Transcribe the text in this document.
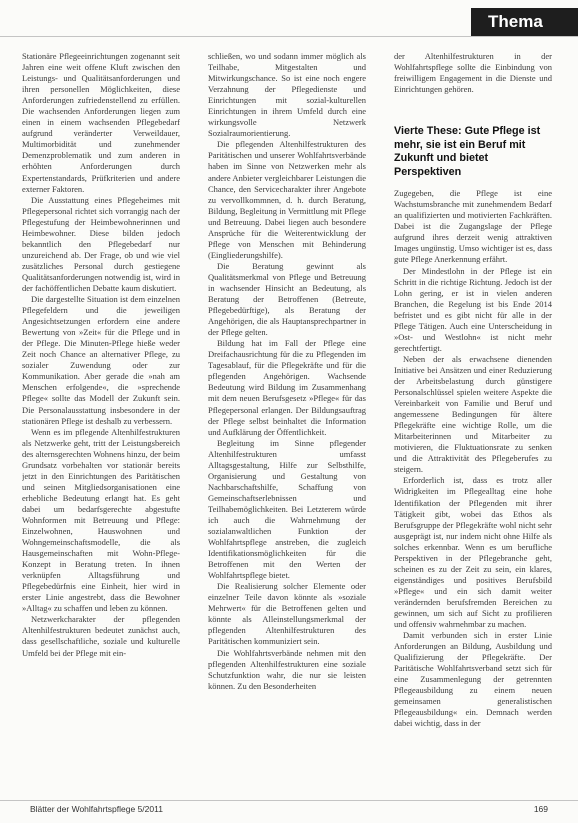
Thema

Stationäre Pflegeeinrichtungen zogenannt seit Jahren eine weit offene Kluft zwischen den Leistungs- und Qualitätsanforderungen und ihren personellen Möglichkeiten, diese Anforderungen zufriedenstellend zu erfüllen. Die wachsenden Anforderungen liegen zum einen in einem wachsenden Pflegebedarf aufgrund veränderter Verweildauer, Multimorbidität und zunehmender Demenzproblematik und zum anderen in erhöhten Anforderungen durch Expertenstandards, Prüfkriterien und andere externer Faktoren.

Die Ausstattung eines Pflegeheimes mit Pflegepersonal richtet sich vorrangig nach der Pflegestufung der Heimbewohnerinnen und Heimbewohner. Diese bilden jedoch bekanntlich den Pflegebedarf nur unzureichend ab. Der Frage, ob und wie viel zusätzliches Personal durch gestiegene Qualitätsanforderungen notwendig ist, wird in der fachöffentlichen Debatte kaum diskutiert.

Die dargestellte Situation ist dem einzelnen Pflegefeldern und die jeweiligen Angesichtsetzungen erfordern eine andere Bewertung von »Zeit« für die Pflege und in der Pflege. Die Minuten-Pflege hieße weder Zeit noch Chance an alternativer Pflege, zu sozialer Zuwendung oder zur Kommunikation. Aber gerade die »nah am Menschen erfolgende«, die »sprechende Pflege« sollte das Modell der Zukunft sein. Die Personalausstattung insbesondere in der stationären Pflege ist deshalb zu verbessern.

Wenn es im pflegende Altenhilfestrukturen als Netzwerke geht, tritt der Leistungsbereich des alternsgerechten Wohnens hinzu, der beim Grundsatz vorbehalten vor stationär bereits jetzt in den Einrichtungen des Paritätischen und seinen Mitgliedsorganisationen eine erhebliche Bedeutung erlangt hat. Es geht dabei um bedarfsgerechte abgestufte Wohnformen mit Betreuung und Pflege: Einzelwohnen, Hauswohnen und Wohngemeinschaftsmodelle, die als Hausgemeinschaften mit Wohn-Pflege-Konzept in Beratung treten. In ihnen verknüpfen Alltagsführung und Pflegebedürfnis eine Einheit, hier wird in erster Linie angestrebt, dass die Bewohner »Alltag« zu schaffen und leben zu können.

Netzwerkcharakter der pflegenden Altenhilfestrukturen bedeutet zunächst auch, dass gesellschaftliche, soziale und kulturelle Umfeld bei der Pflege mit ein-

schließen, wo und sodann immer möglich als Teilhabe, Mitgestalten und Mitwirkungschance. So ist eine noch engere Verzahnung der Pflegedienste und Einrichtungen mit sozial-kulturellen Einrichtungen in ihrem Umfeld durch eine wirkungsvolle Netzwerk Sozialraumorientierung.

Die pflegenden Altenhilfestrukturen des Paritätischen und unserer Wohlfahrtsverbände haben im Sinne von Netzwerken mehr als andere Anbieter vergleichbarer Leistungen die Chance, den Servicecharakter ihrer Angebote zu vervollkommnen, d. h. durch Beratung, Bildung, Begleitung in Vermittlung mit Pflege und Betreuung. Dabei liegen auch besondere Ansprüche für die Weiterentwicklung der Pflege von Menschen mit Behinderung (Eingliederungshilfe).

Die Beratung gewinnt als Qualitätsmerkmal von Pflege und Betreuung in wachsender Hinsicht an Bedeutung, als Beratung der Betroffenen (Betreute, Pflegebedürftige), als Beratung der Angehörigen, die als Hauptansprechpartner in der Pflege gelten.

Bildung hat im Fall der Pflege eine Dreifachausrichtung für die zu Pflegenden im Tagesablauf, für die Pflegekräfte und für die pflegenden Angehörigen. Wachsende Bedeutung wird Bildung im Zusammenhang mit dem neuen Berufsgesetz »Pflege« für das Pflegepersonal erlangen. Der Bildungsauftrag der Pflege selbst beinhaltet die Information und Aufklärung der Öffentlichkeit.

Begleitung im Sinne pflegender Altenhilfestrukturen umfasst Alltagsgestaltung, Hilfe zur Selbsthilfe, Organisierung und Gestaltung von Nachbarschaftshilfe, Schaffung von Gemeinschaftserlebnissen und Teilhabemöglichkeiten. Bei Letzterem würde ich auch die Wahrnehmung der sozialanwaltlichen Funktion der Wohlfahrtspflege anstreben, die zugleich Identifikationsmöglichkeiten für die Betroffenen mit den Werten der Wohlfahrtspflege bietet.

Die Realisierung solcher Elemente oder einzelner Teile davon könnte als »soziale Mehrwert« für die Betroffenen gelten und könnte als Alleinstellungsmerkmal der pflegenden Altenhilfestrukturen des Paritätischen kommuniziert sein.

Die Wohlfahrtsverbände nehmen mit den pflegenden Altenhilfestrukturen eine soziale Schutzfunktion wahr, die nur sie leisten können. Zu den Besonderheiten

der Altenhilfestrukturen in der Wohlfahrtspflege sollte die Einbindung von freiwilligem Engagement in die Dienste und Einrichtungen gehören.

Vierte These: Gute Pflege ist mehr, sie ist ein Beruf mit Zukunft und bietet Perspektiven

Zugegeben, die Pflege ist eine Wachstumsbranche mit zunehmendem Bedarf an qualifizierten und motivierten Fachkräften. Dabei ist die Zugangslage der Pflege aufgrund ihres derzeit wenig attraktiven Images ungünstig. Umso wichtiger ist es, dass gute Pflege Anerkennung erfährt.

Der Mindestlohn in der Pflege ist ein Schritt in die richtige Richtung. Jedoch ist der Lohn gering, er ist in vielen anderen Branchen, die Regelung ist bis Ende 2014 befristet und es gibt nicht für alle in der Pflege Tätigen. Auch eine Unterscheidung in »Ost- und Westlohn« ist nicht mehr gerechtfertigt.

Neben der als erwachsene dienenden Initiative bei Ansätzen und einer Reduzierung der Arbeitsbelastung durch günstigere Personalschlüssel spielen weitere Aspekte die Vereinbarkeit von Familie und Beruf und angemessene Bedingungen für ältere Pflegekräfte eine wichtige Rolle, um die Mitarbeiterinnen und Mitarbeiter zu motivieren, die Fluktuationsrate zu senken und die Attraktivität des Pflegeberufes zu steigern.

Erforderlich ist, dass es trotz aller Widrigkeiten im Pflegealltag eine hohe Identifikation der Pflegenden mit ihrer Tätigkeit gibt, wobei das Ethos als Berufsgruppe der Pflegekräfte wohl nicht sehr ausgeprägt ist, nur indem nicht ohne Hilfe als solches erkennbar. Wenn es um berufliche Perspektiven in der Pflegebranche geht, scheinen es zu der Zeit zu sein, ein klares, eigenständiges und positives Berufsbild »Pflege« und ein sich damit weiter verändernden berufsfremden Bereichen zu gewinnen, um sich auf Sicht zu profilieren und offensiv wahrnehmbar zu machen.

Damit verbunden sich in erster Linie Anforderungen an Bildung, Ausbildung und Qualifizierung der Pflegekräfte. Der Paritätische Wohlfahrtsverband setzt sich für eine Zusammenlegung der getrennten Pflegeausbildung zu einem neuen gemeinsamen generalistischen Pflegeausbildung« ein. Demnach werden dabei wichtig, dass in der

Blätter der Wohlfahrtspflege 5/2011	169
